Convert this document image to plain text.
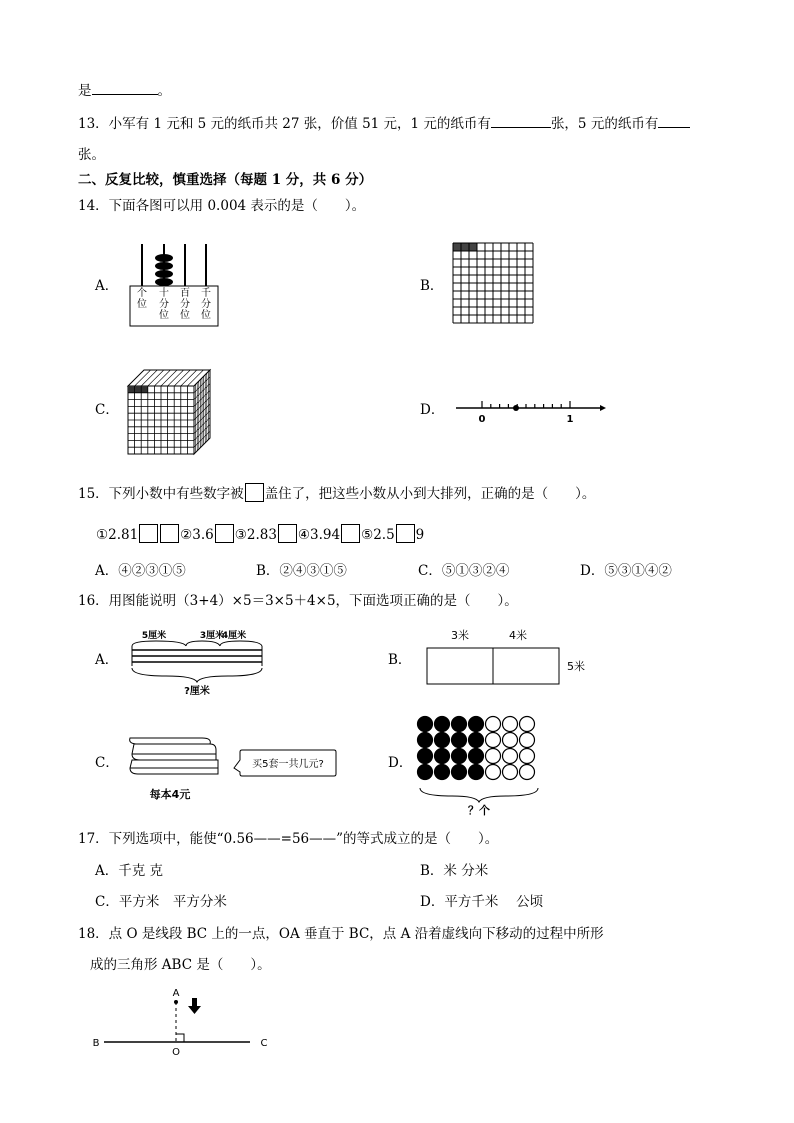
是	。
13．小军有 1 元和 5 元的纸币共 27 张，价值 51 元，1 元的纸币有	张，5 元的纸币有
张。
二、反复比较，慎重选择（每题 1 分，共 6 分）
14．下面各图可以用 0.004 表示的是（　　）。
A． 个位
十分位
百分位
千分位
B．
C．	D．
0	1
15．下列小数中有些数字被 盖住了，把这些小数从小到大排列，正确的是（　　）。
①2.81	②3.6 ③2.83 ④3.94 ⑤2.5 9
A．④②③①⑤	B．②④③①⑤	C．⑤①③②④	D．⑤③①④②
16．用图能说明（3+4）×5＝3×5＋4×5，下面选项正确的是（　　）。
A．
5厘米	3厘米
4厘米
?厘米
B．
3米	4米
5米
C．	买5套一共几元?
每本4元
D．
？个
17．下列选项中，能使“0.56——=56——”的等式成立的是（　　）。
A．千克 克	B．米 分米
C．平方米　平方分米	D．平方千米　 公顷
18．点 O 是线段 BC 上的一点，OA 垂直于 BC，点 A 沿着虚线向下移动的过程中所形
成的三角形 ABC 是（　　）。
A
B
O
C
